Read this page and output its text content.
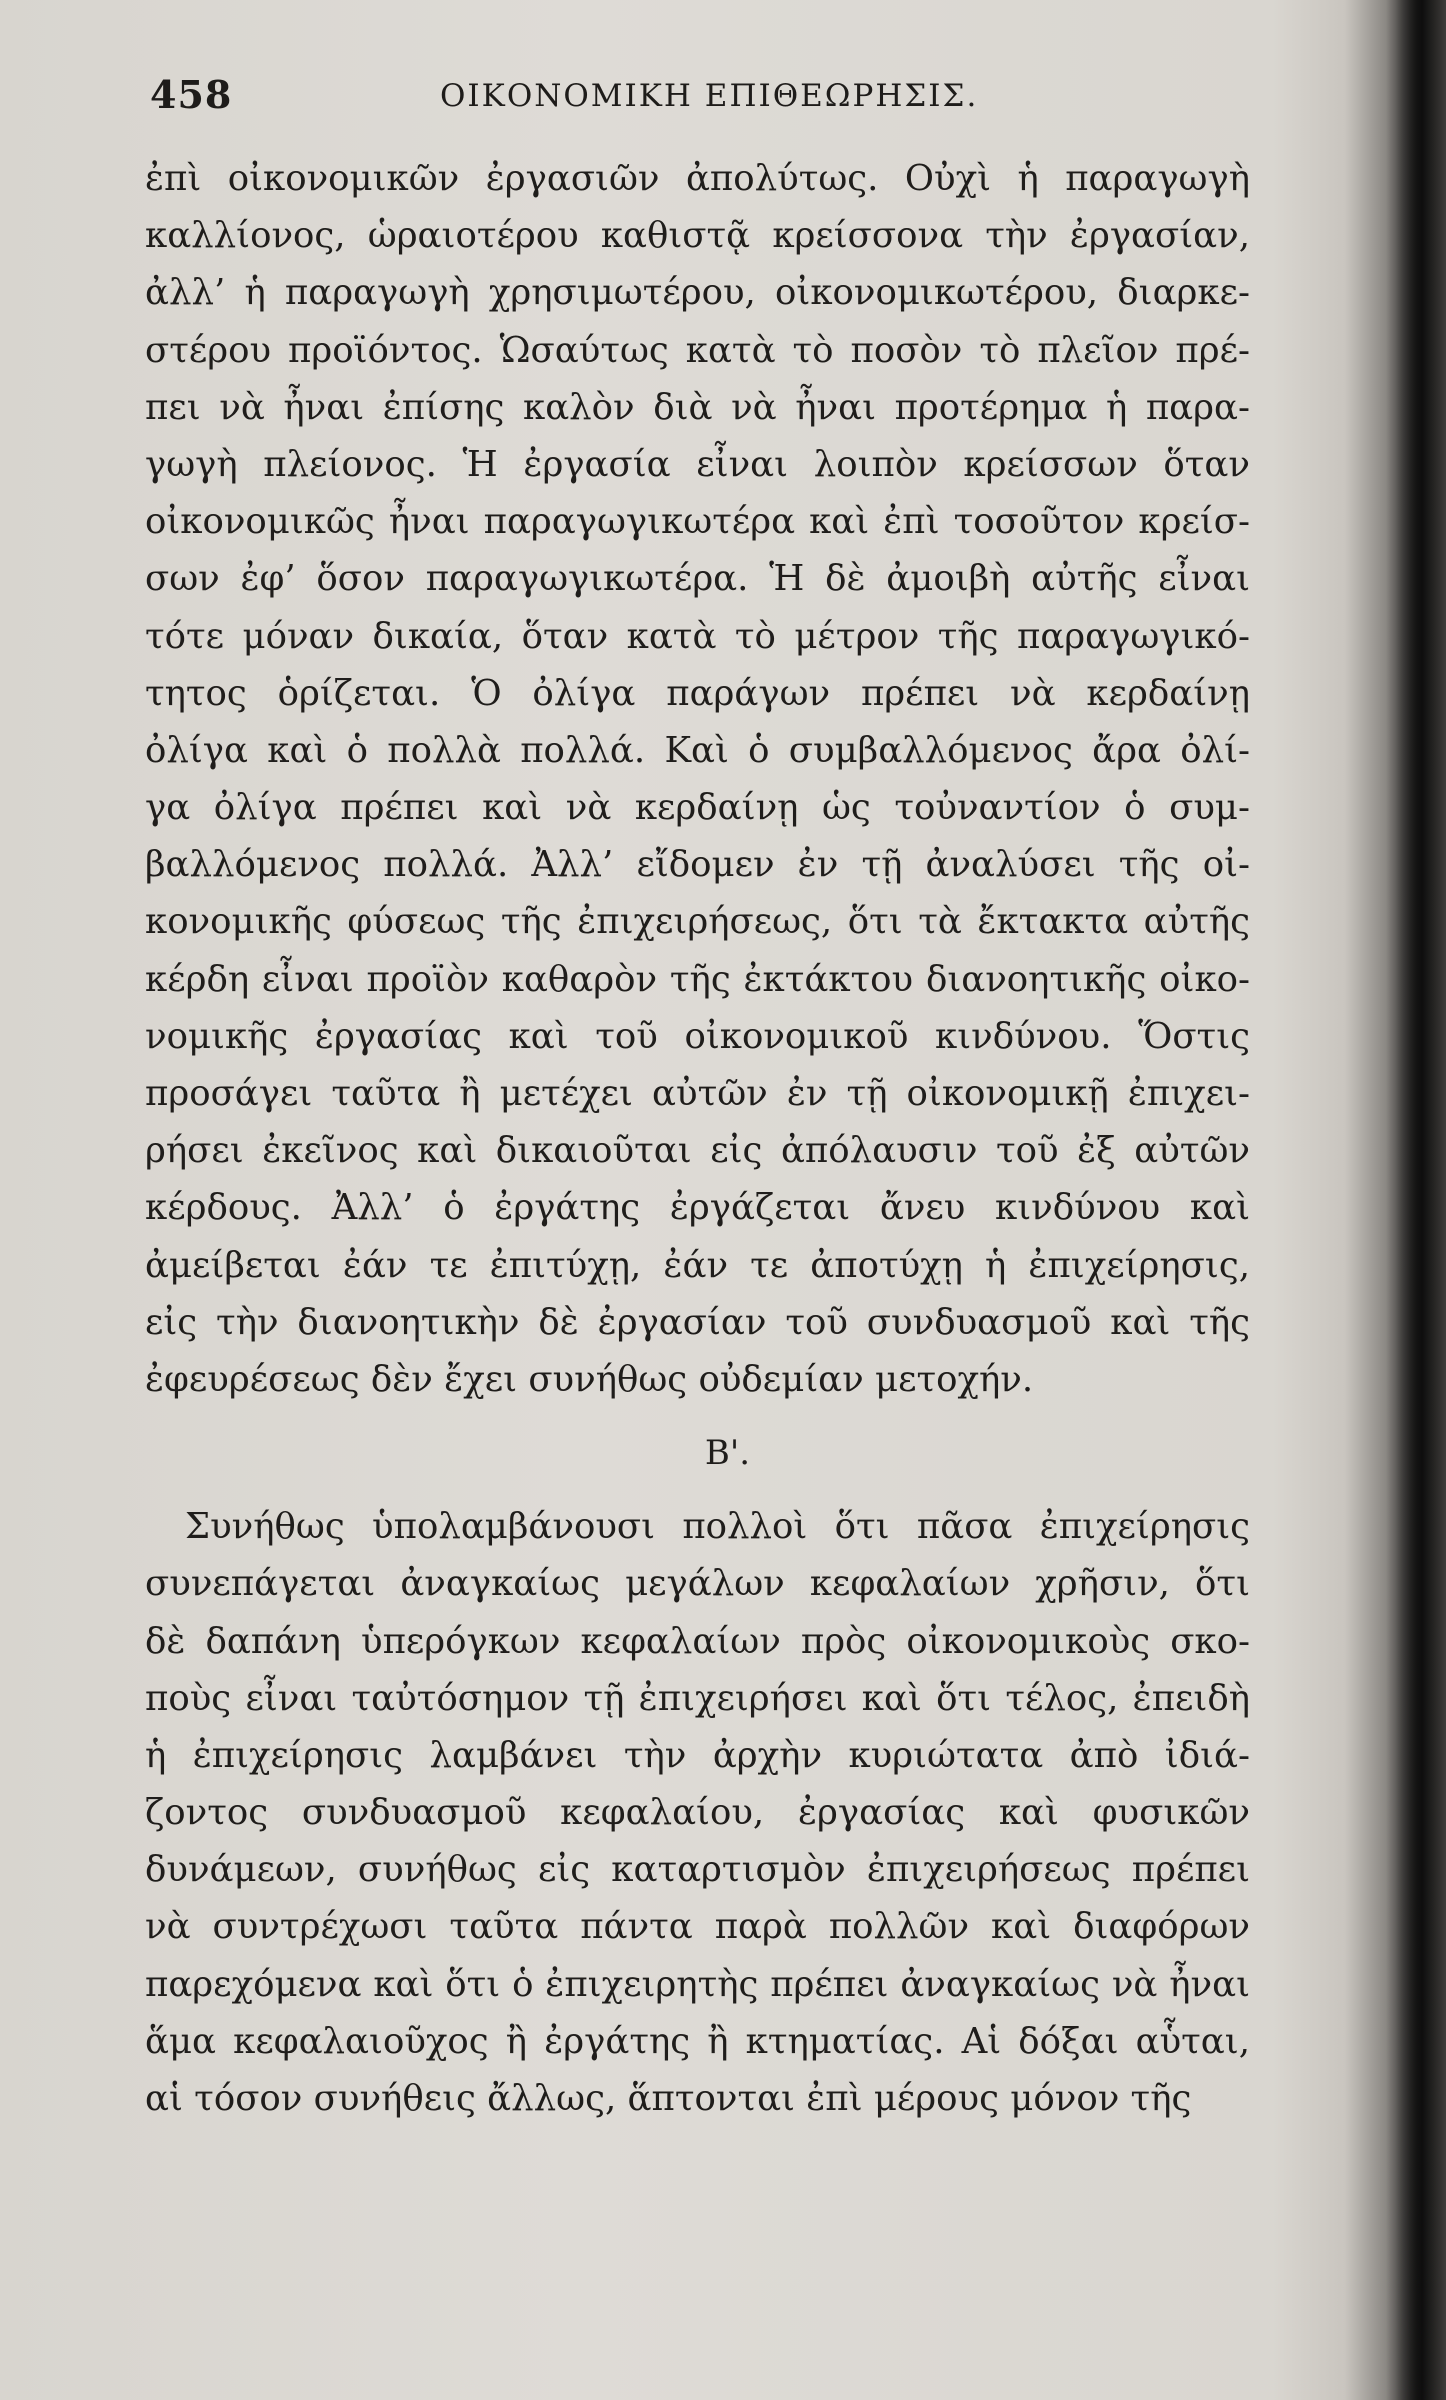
458	ΟΙΚΟΝΟΜΙΚΗ ΕΠΙΘΕΩΡΗΣΙΣ.
ἐπὶ οἰκονομικῶν ἐργασιῶν ἀπολύτως. Οὐχὶ ἡ παραγωγὴ
καλλίονος, ὡραιοτέρου καθιστᾷ κρείσσονα τὴν ἐργασίαν,
ἀλλ’ ἡ παραγωγὴ χρησιμωτέρου, οἰκονομικωτέρου, διαρκε-
στέρου προϊόντος. Ὡσαύτως κατὰ τὸ ποσὸν τὸ πλεῖον πρέ-
πει νὰ ἦναι ἐπίσης καλὸν διὰ νὰ ἦναι προτέρημα ἡ παρα-
γωγὴ πλείονος. Ἡ ἐργασία εἶναι λοιπὸν κρείσσων ὅταν
οἰκονομικῶς ἦναι παραγωγικωτέρα καὶ ἐπὶ τοσοῦτον κρείσ-
σων ἐφ’ ὅσον παραγωγικωτέρα. Ἡ δὲ ἀμοιβὴ αὐτῆς εἶναι
τότε μόναν δικαία, ὅταν κατὰ τὸ μέτρον τῆς παραγωγικό-
τητος ὁρίζεται. Ὁ ὀλίγα παράγων πρέπει νὰ κερδαίνῃ
ὀλίγα καὶ ὁ πολλὰ πολλά. Καὶ ὁ συμβαλλόμενος ἄρα ὀλί-
γα ὀλίγα πρέπει καὶ νὰ κερδαίνῃ ὡς τοὐναντίον ὁ συμ-
βαλλόμενος πολλά. Ἀλλ’ εἴδομεν ἐν τῇ ἀναλύσει τῆς οἰ-
κονομικῆς φύσεως τῆς ἐπιχειρήσεως, ὅτι τὰ ἔκτακτα αὐτῆς
κέρδη εἶναι προϊὸν καθαρὸν τῆς ἐκτάκτου διανοητικῆς οἰκο-
νομικῆς ἐργασίας καὶ τοῦ οἰκονομικοῦ κινδύνου. Ὅστις
προσάγει ταῦτα ἢ μετέχει αὐτῶν ἐν τῇ οἰκονομικῇ ἐπιχει-
ρήσει ἐκεῖνος καὶ δικαιοῦται εἰς ἀπόλαυσιν τοῦ ἐξ αὐτῶν
κέρδους. Ἀλλ’ ὁ ἐργάτης ἐργάζεται ἄνευ κινδύνου καὶ
ἀμείβεται ἐάν τε ἐπιτύχῃ, ἐάν τε ἀποτύχῃ ἡ ἐπιχείρησις,
εἰς τὴν διανοητικὴν δὲ ἐργασίαν τοῦ συνδυασμοῦ καὶ τῆς
ἐφευρέσεως δὲν ἔχει συνήθως οὐδεμίαν μετοχήν.
Β'.
Συνήθως ὑπολαμβάνουσι πολλοὶ ὅτι πᾶσα ἐπιχείρησις
συνεπάγεται ἀναγκαίως μεγάλων κεφαλαίων χρῆσιν, ὅτι
δὲ δαπάνη ὑπερόγκων κεφαλαίων πρὸς οἰκονομικοὺς σκο-
ποὺς εἶναι ταὐτόσημον τῇ ἐπιχειρήσει καὶ ὅτι τέλος, ἐπειδὴ
ἡ ἐπιχείρησις λαμβάνει τὴν ἀρχὴν κυριώτατα ἀπὸ ἰδιά-
ζοντος συνδυασμοῦ κεφαλαίου, ἐργασίας καὶ φυσικῶν
δυνάμεων, συνήθως εἰς καταρτισμὸν ἐπιχειρήσεως πρέπει
νὰ συντρέχωσι ταῦτα πάντα παρὰ πολλῶν καὶ διαφόρων
παρεχόμενα καὶ ὅτι ὁ ἐπιχειρητὴς πρέπει ἀναγκαίως νὰ ἦναι
ἅμα κεφαλαιοῦχος ἢ ἐργάτης ἢ κτηματίας. Αἱ δόξαι αὗται,
αἱ τόσον συνήθεις ἄλλως, ἅπτονται ἐπὶ μέρους μόνον τῆς
